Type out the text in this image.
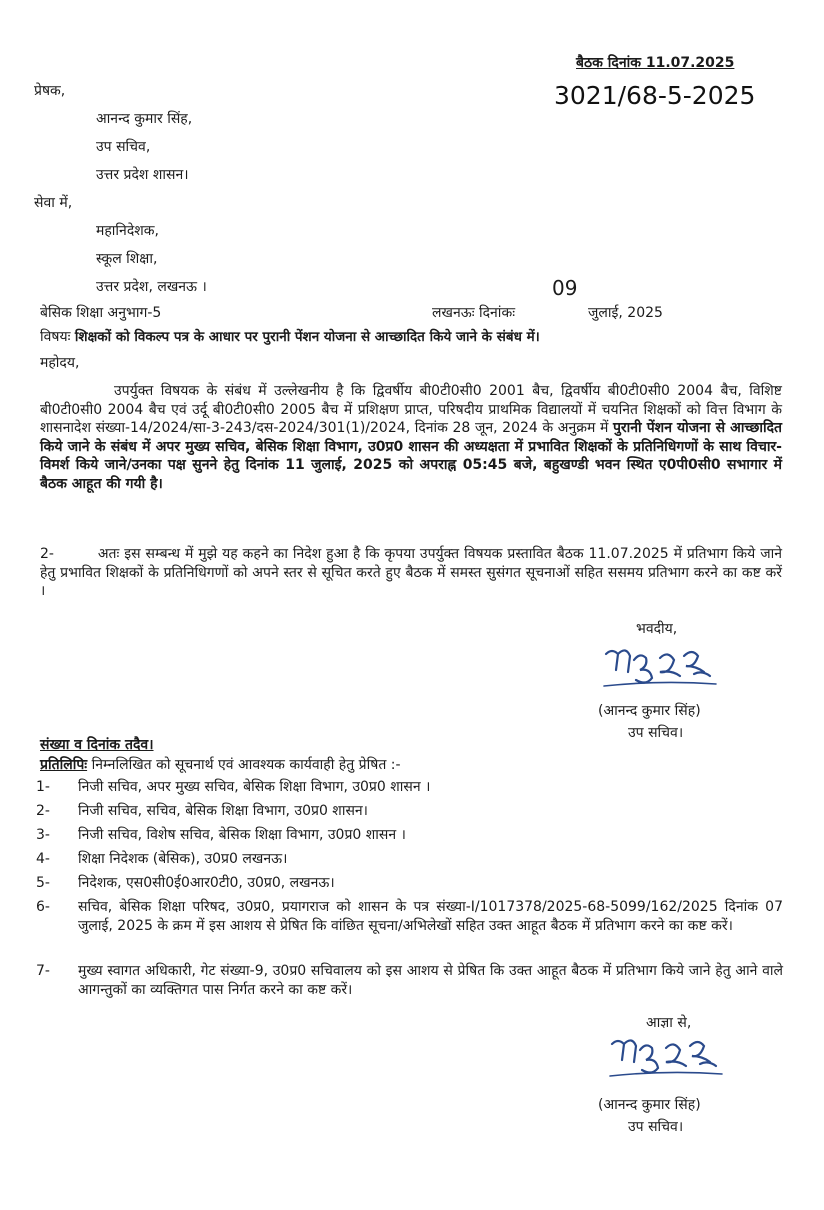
बैठक दिनांक 11.07.2025
3021/68-5-2025
प्रेषक,
आनन्द कुमार सिंह,
उप सचिव,
उत्तर प्रदेश शासन।
सेवा में,
महानिदेशक,
स्कूल शिक्षा,
उत्तर प्रदेश, लखनऊ ।
बेसिक शिक्षा अनुभाग-5	लखनऊः दिनांकः
09
जुलाई, 2025
विषयः शिक्षकों को विकल्प पत्र के आधार पर पुरानी पेंशन योजना से आच्छादित किये जाने के संबंध में।
महोदय,
उपर्युक्त विषयक के संबंध में उल्लेखनीय है कि द्विवर्षीय बी0टी0सी0 2001 बैच, द्विवर्षीय बी0टी0सी0 2004 बैच, विशिष्ट बी0टी0सी0 2004 बैच एवं उर्दू बी0टी0सी0 2005 बैच में प्रशिक्षण प्राप्त, परिषदीय प्राथमिक विद्यालयों में चयनित शिक्षकों को वित्त विभाग के शासनादेश संख्या-14/2024/सा-3-243/दस-2024/301(1)/2024, दिनांक 28 जून, 2024 के अनुक्रम में पुरानी पेंशन योजना से आच्छादित किये जाने के संबंध में अपर मुख्य सचिव, बेसिक शिक्षा विभाग, उ0प्र0 शासन की अध्यक्षता में प्रभावित शिक्षकों के प्रतिनिधिगणों के साथ विचार-विमर्श किये जाने/उनका पक्ष सुनने हेतु दिनांक 11 जुलाई, 2025 को अपराह्न 05:45 बजे, बहुखण्डी भवन स्थित ए0पी0सी0 सभागार में बैठक आहूत की गयी है।
2-	अतः इस सम्बन्ध में मुझे यह कहने का निदेश हुआ है कि कृपया उपर्युक्त विषयक प्रस्तावित बैठक 11.07.2025 में प्रतिभाग किये जाने हेतु प्रभावित शिक्षकों के प्रतिनिधिगणों को अपने स्तर से सूचित करते हुए बैठक में समस्त सुसंगत सूचनाओं सहित ससमय प्रतिभाग करने का कष्ट करें ।
भवदीय,
(आनन्द कुमार सिंह)
उप सचिव।
संख्या व दिनांक तदैव।
प्रतिलिपिः निम्नलिखित को सूचनार्थ एवं आवश्यक कार्यवाही हेतु प्रेषित :-
1-	निजी सचिव, अपर मुख्य सचिव, बेसिक शिक्षा विभाग, उ0प्र0 शासन ।
2-	निजी सचिव, सचिव, बेसिक शिक्षा विभाग, उ0प्र0 शासन।
3-	निजी सचिव, विशेष सचिव, बेसिक शिक्षा विभाग, उ0प्र0 शासन ।
4-	शिक्षा निदेशक (बेसिक), उ0प्र0 लखनऊ।
5-	निदेशक, एस0सी0ई0आर0टी0, उ0प्र0, लखनऊ।
6-	सचिव, बेसिक शिक्षा परिषद, उ0प्र0, प्रयागराज को शासन के पत्र संख्या-I/1017378/2025-68-5099/162/2025 दिनांक 07 जुलाई, 2025 के क्रम में इस आशय से प्रेषित कि वांछित सूचना/अभिलेखों सहित उक्त आहूत बैठक में प्रतिभाग करने का कष्ट करें।
7-	मुख्य स्वागत अधिकारी, गेट संख्या-9, उ0प्र0 सचिवालय को इस आशय से प्रेषित कि उक्त आहूत बैठक में प्रतिभाग किये जाने हेतु आने वाले आगन्तुकों का व्यक्तिगत पास निर्गत करने का कष्ट करें।
आज्ञा से,
(आनन्द कुमार सिंह)
उप सचिव।
